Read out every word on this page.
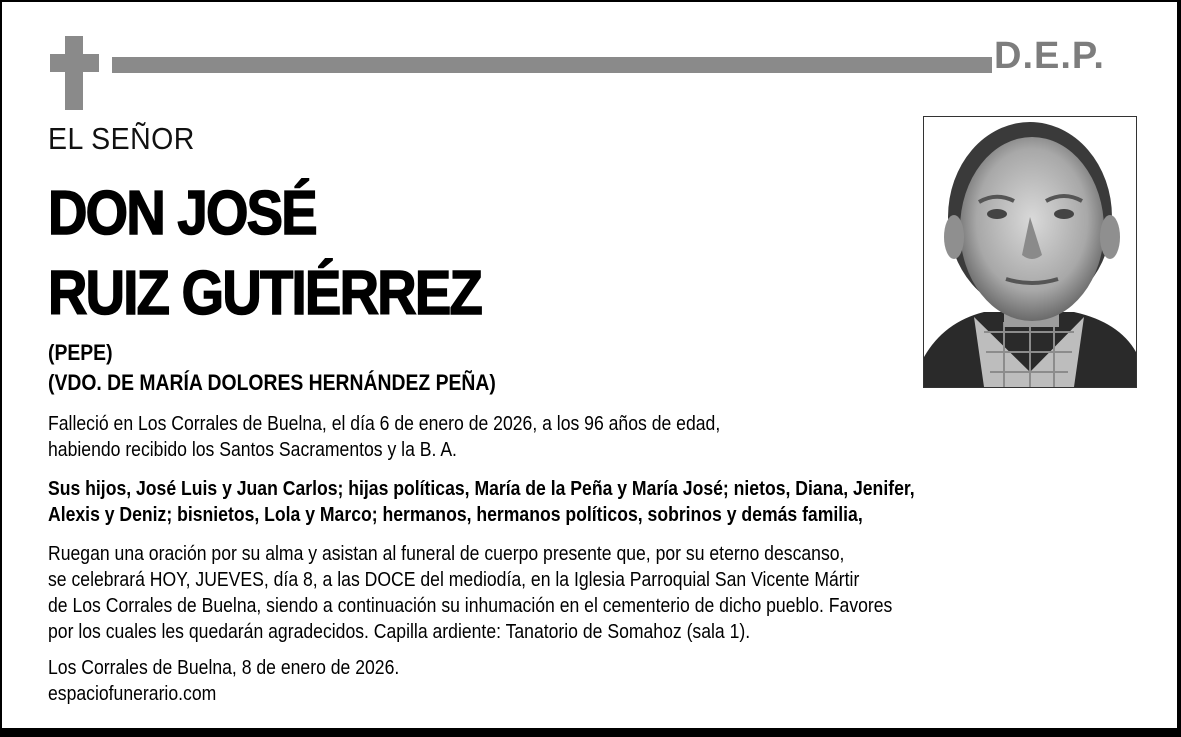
D.E.P.
EL SEÑOR
DON JOSÉ
RUIZ GUTIÉRREZ
(PEPE)
(VDO. DE MARÍA DOLORES HERNÁNDEZ PEÑA)
Falleció en Los Corrales de Buelna, el día 6 de enero de 2026, a los 96 años de edad,
habiendo recibido los Santos Sacramentos y la B. A.
Sus hijos, José Luis y Juan Carlos; hijas políticas, María de la Peña y María José; nietos, Diana, Jenifer,
Alexis y Deniz; bisnietos, Lola y Marco; hermanos, hermanos políticos, sobrinos y demás familia,
Ruegan una oración por su alma y asistan al funeral de cuerpo presente que, por su eterno descanso,
se celebrará HOY, JUEVES, día 8, a las DOCE del mediodía, en la Iglesia Parroquial San Vicente Mártir
de Los Corrales de Buelna, siendo a continuación su inhumación en el cementerio de dicho pueblo. Favores
por los cuales les quedarán agradecidos. Capilla ardiente: Tanatorio de Somahoz (sala 1).
Los Corrales de Buelna, 8 de enero de 2026.
espaciofunerario.com
